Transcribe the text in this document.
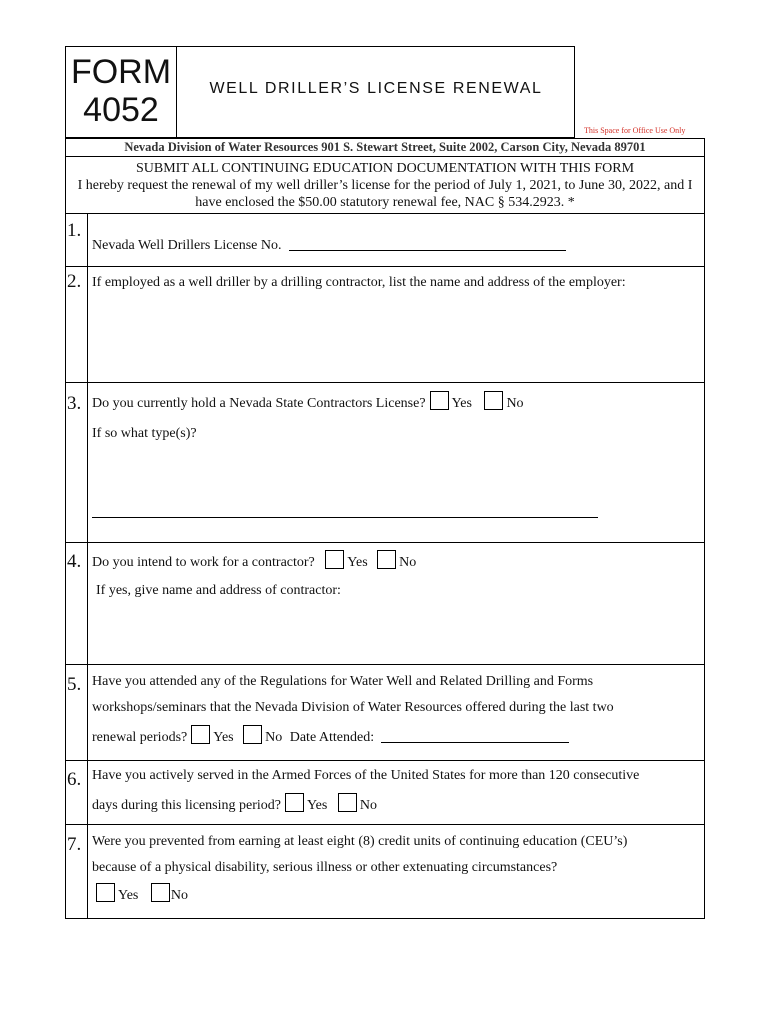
FORM
4052
WELL DRILLER’S LICENSE RENEWAL
This Space for Office Use Only
Nevada Division of Water Resources 901 S. Stewart Street, Suite 2002, Carson City, Nevada 89701
SUBMIT ALL CONTINUING EDUCATION DOCUMENTATION WITH THIS FORM
I hereby request the renewal of my well driller’s license for the period of July 1, 2021, to June 30, 2022, and I have enclosed the $50.00 statutory renewal fee, NAC § 534.2923. *
1.
Nevada Well Drillers License No.
2. If employed as a well driller by a drilling contractor, list the name and address of the employer:
3. Do you currently hold a Nevada State Contractors License? Yes No
If so what type(s)?
4. Do you intend to work for a contractor? Yes No
If yes, give name and address of contractor:
5. Have you attended any of the Regulations for Water Well and Related Drilling and Forms
workshops/seminars that the Nevada Division of Water Resources offered during the last two
renewal periods? Yes No Date Attended:
6. Have you actively served in the Armed Forces of the United States for more than 120 consecutive
days during this licensing period? Yes No
7. Were you prevented from earning at least eight (8) credit units of continuing education (CEU’s)
because of a physical disability, serious illness or other extenuating circumstances?
Yes No
